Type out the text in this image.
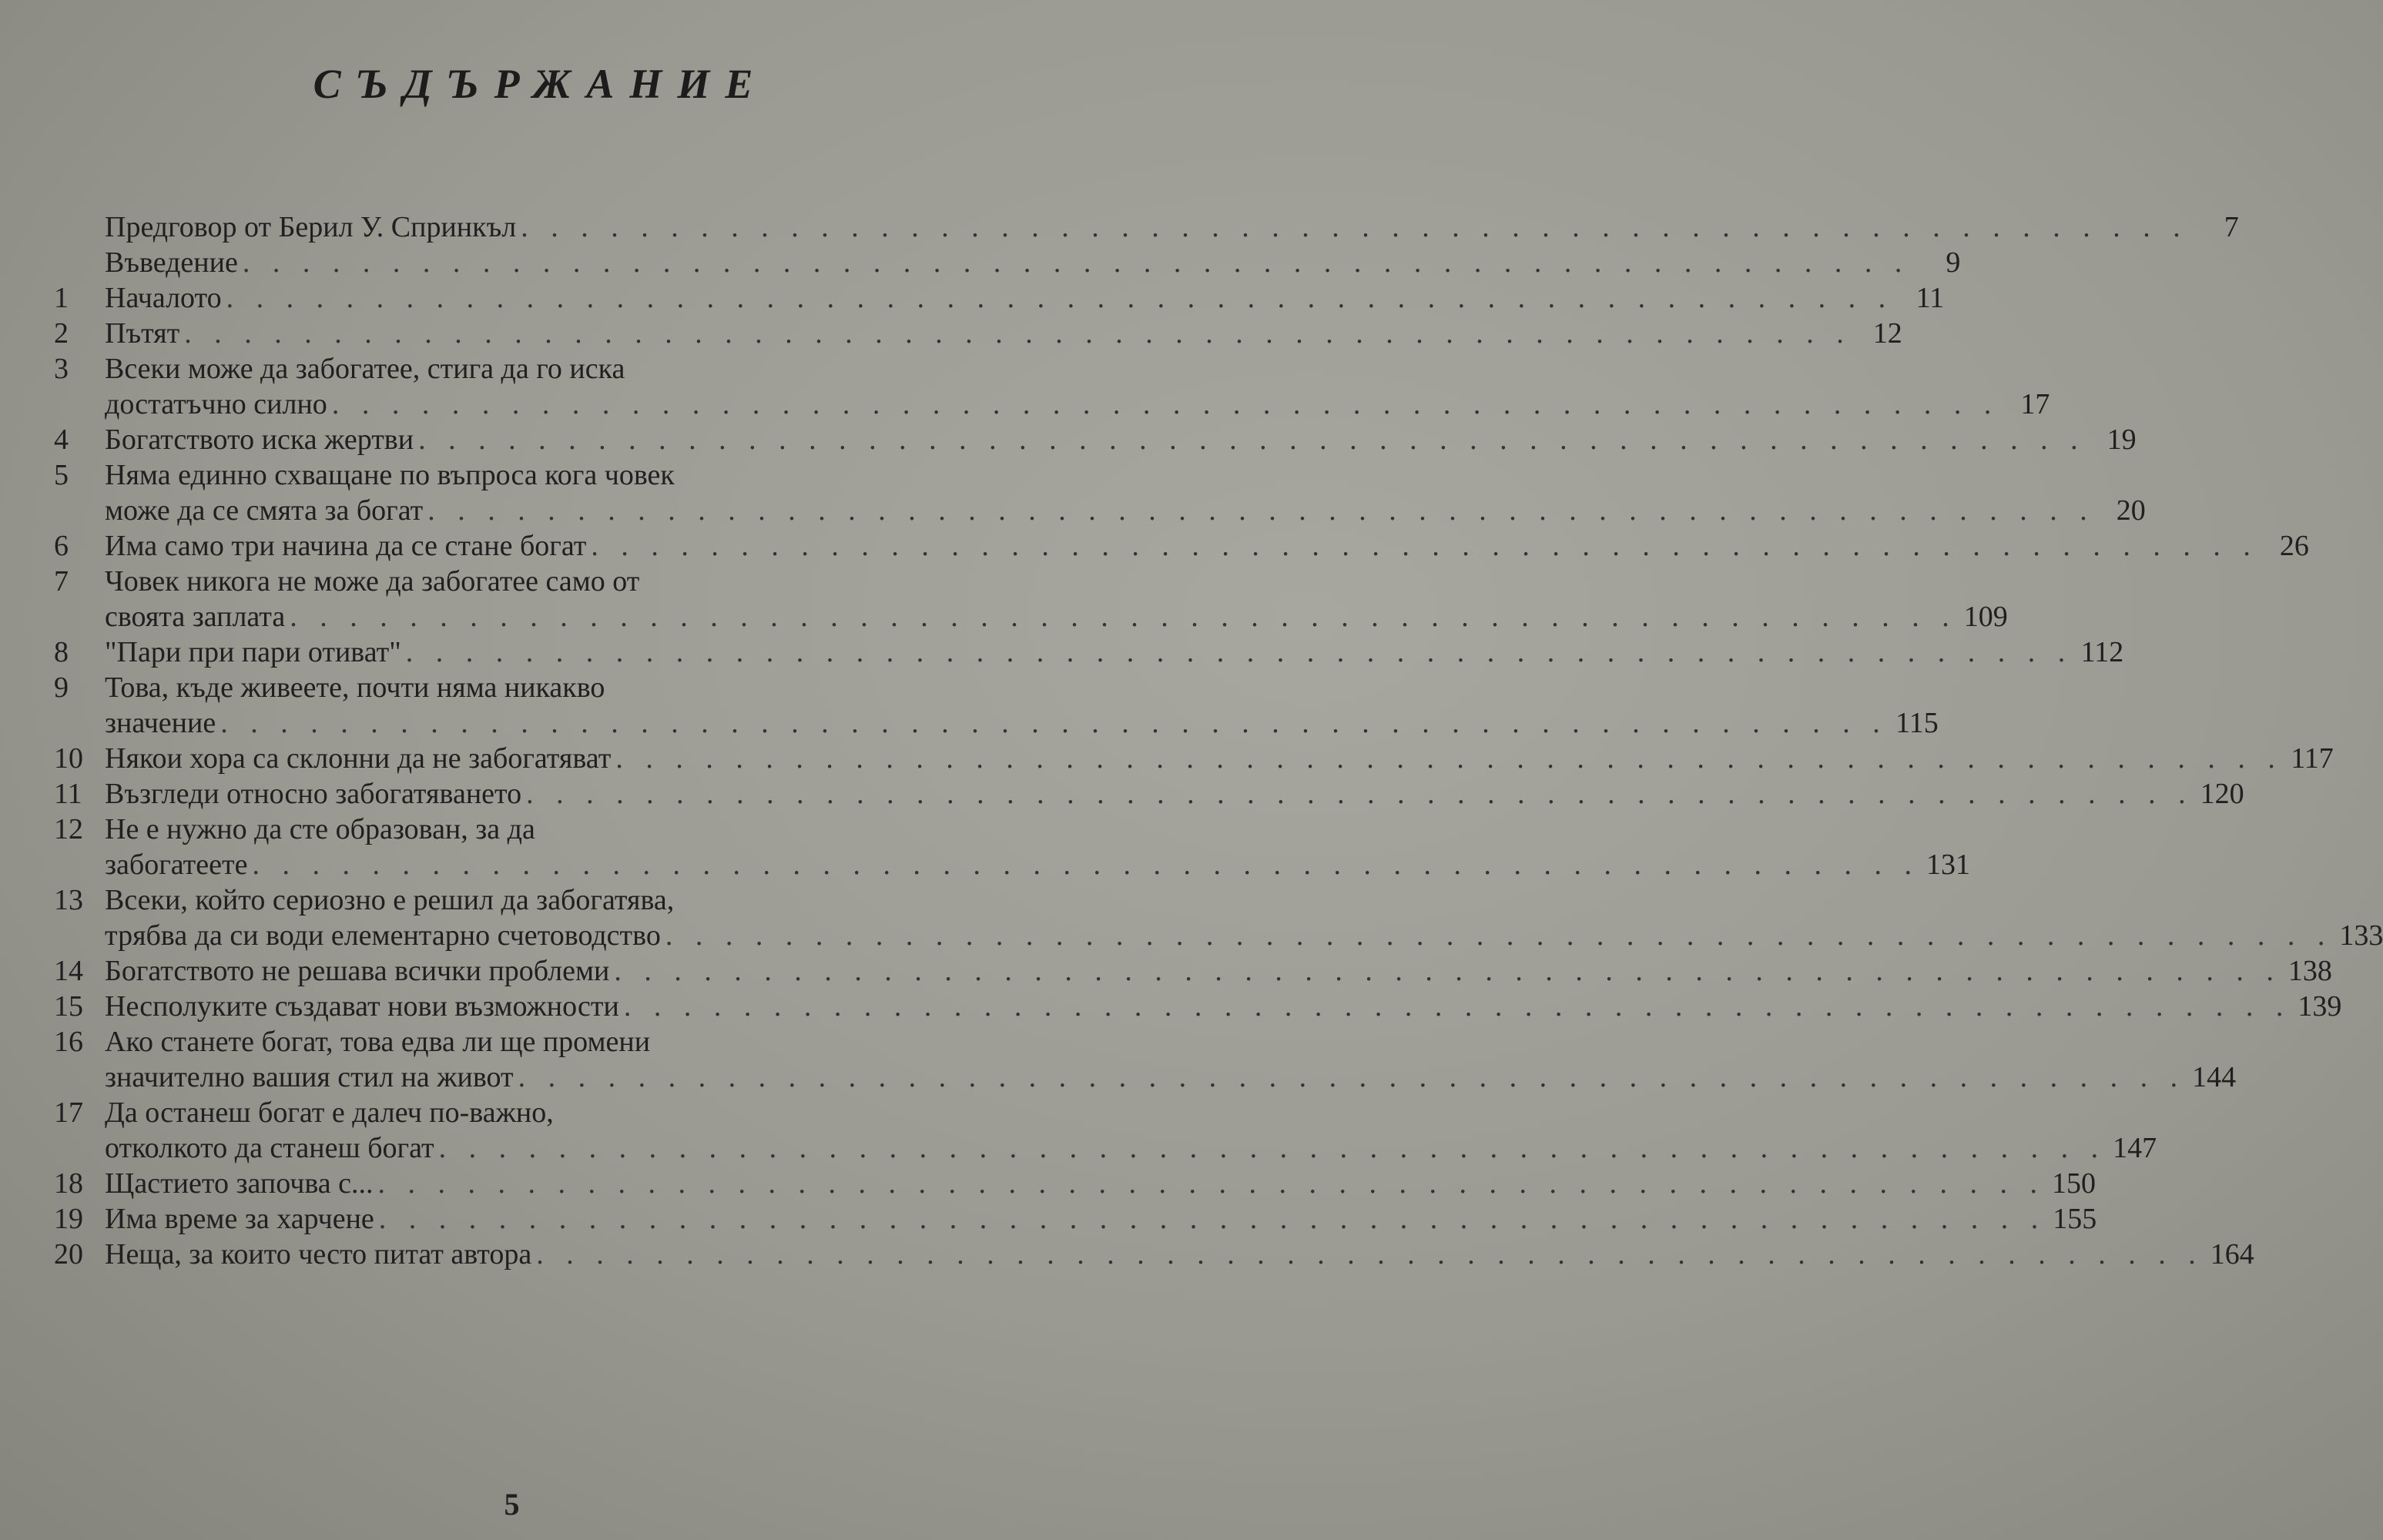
СЪДЪРЖАНИЕ
Предговор от Берил У. Спринкъл . . .	7
Въведение . . .	9
1	Началото . . .	11
2	Пътят . . .	12
3	Всеки може да забогатее, стига да го иска
достатъчно силно . . .	17
4	Богатството иска жертви . . .	19
5	Няма единно схващане по въпроса кога човек
може да се смята за богат . . .	20
6	Има само три начина да се стане богат . . .	26
7	Човек никога не може да забогатее само от
своята заплата . . .	109
8	"Пари при пари отиват" . . .	112
9	Това, къде живеете, почти няма никакво
значение . . .	115
10 Някои хора са склонни да не забогатяват . . .	117
11 Възгледи относно забогатяването . . .	120
12 Не е нужно да сте образован, за да
забогатеете . . .	131
13 Всеки, който сериозно е решил да забогатява,
трябва да си води елементарно счетоводство . . .	133
14 Богатството не решава всички проблеми . . .	138
15 Несполуките създават нови възможности . . .	139
16 Ако станете богат, това едва ли ще промени
значително вашия стил на живот . . .	144
17 Да останеш богат е далеч по-важно,
отколкото да станеш богат . . .	147
18 Щастието започва с... . . .	150
19 Има време за харчене . . .	155
20 Неща, за които често питат автора . . .	164
5
